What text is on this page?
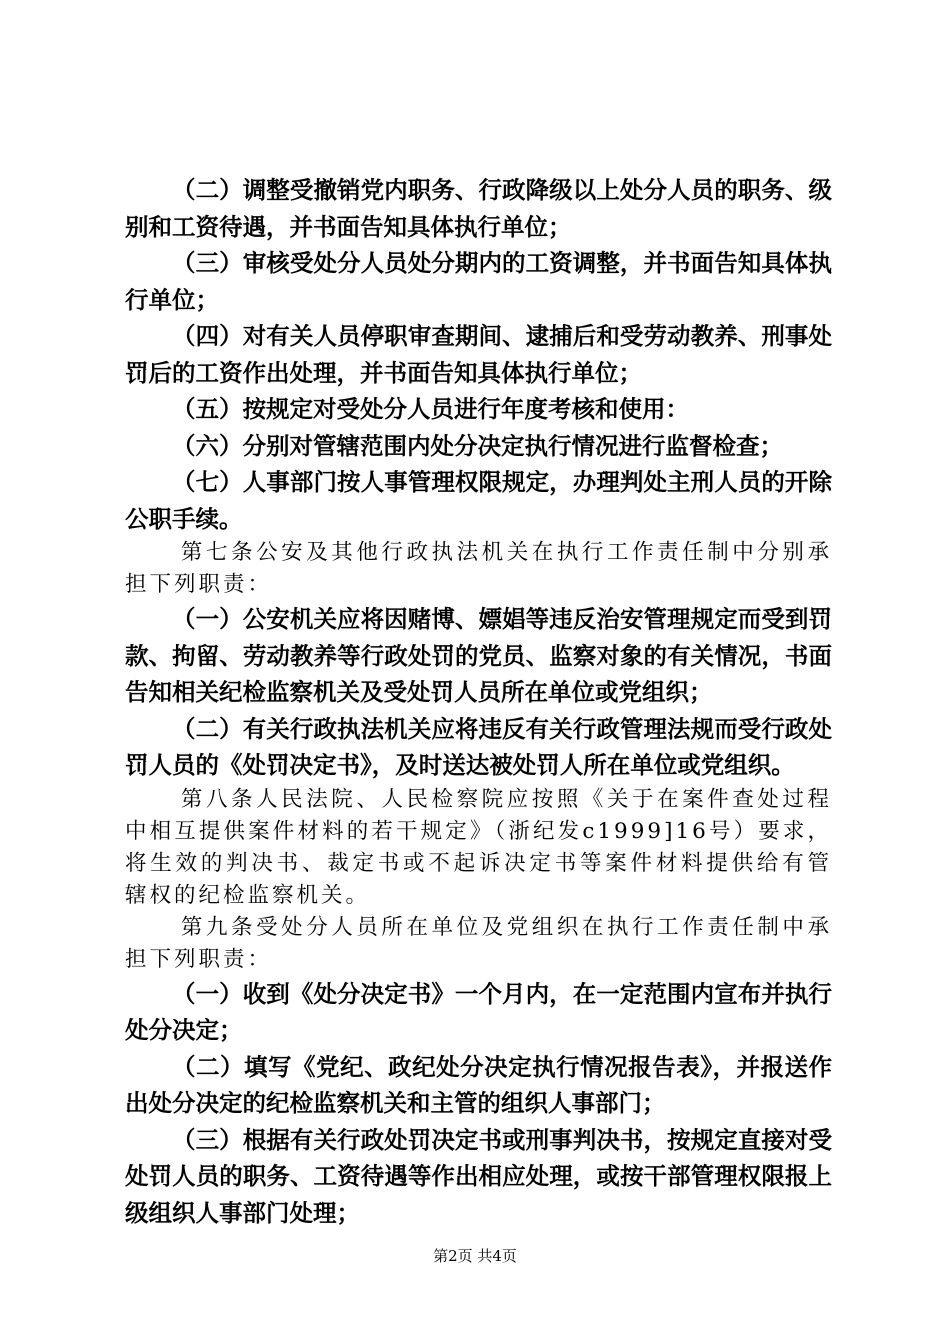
（二）调整受撤销党内职务、行政降级以上处分人员的职务、级别和工资待遇，并书面告知具体执行单位；

（三）审核受处分人员处分期内的工资调整，并书面告知具体执行单位；

（四）对有关人员停职审查期间、逮捕后和受劳动教养、刑事处罚后的工资作出处理，并书面告知具体执行单位；

（五）按规定对受处分人员进行年度考核和使用：

（六）分别对管辖范围内处分决定执行情况进行监督检查；

（七）人事部门按人事管理权限规定，办理判处主刑人员的开除公职手续。

第七条公安及其他行政执法机关在执行工作责任制中分别承担下列职责：

（一）公安机关应将因赌博、嫖娼等违反治安管理规定而受到罚款、拘留、劳动教养等行政处罚的党员、监察对象的有关情况，书面告知相关纪检监察机关及受处罚人员所在单位或党组织；

（二）有关行政执法机关应将违反有关行政管理法规而受行政处罚人员的《处罚决定书》，及时送达被处罚人所在单位或党组织。

第八条人民法院、人民检察院应按照《关于在案件查处过程中相互提供案件材料的若干规定》（浙纪发c1999]16号）要求，将生效的判决书、裁定书或不起诉决定书等案件材料提供给有管辖权的纪检监察机关。

第九条受处分人员所在单位及党组织在执行工作责任制中承担下列职责：

（一）收到《处分决定书》一个月内，在一定范围内宣布并执行处分决定；

（二）填写《党纪、政纪处分决定执行情况报告表》，并报送作出处分决定的纪检监察机关和主管的组织人事部门；

（三）根据有关行政处罚决定书或刑事判决书，按规定直接对受处罚人员的职务、工资待遇等作出相应处理，或按干部管理权限报上级组织人事部门处理；

第2页 共4页
